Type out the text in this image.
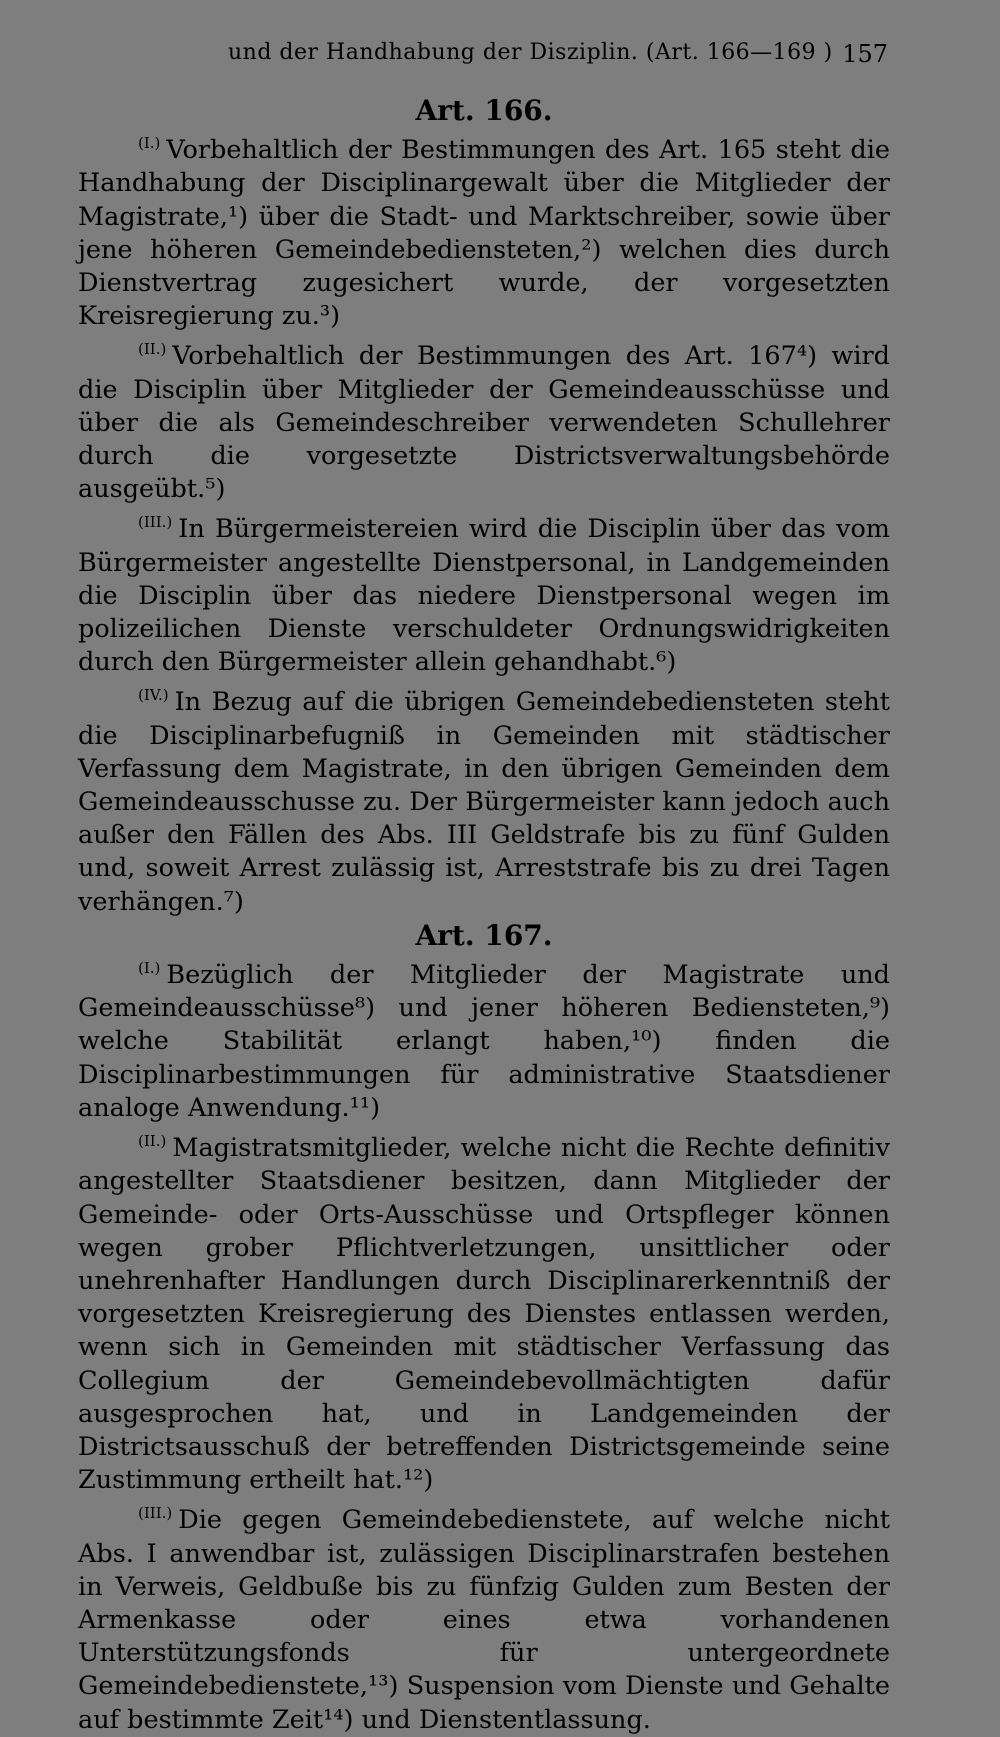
und der Handhabung der Disziplin. (Art. 166—169 ) 157
Art. 166.

$^{(I.)}$ Vorbehaltlich der Bestimmungen des Art. 165 steht die Handhabung der Disciplinargewalt über die Mitglieder der Magistrate,¹) über die Stadt- und Marktschreiber, sowie über jene höheren Gemeindebediensteten,²) welchen dies durch Dienstvertrag zugesichert wurde, der vorgesetzten Kreisregierung zu.³)

$^{(II.)}$ Vorbehaltlich der Bestimmungen des Art. 167⁴) wird die Disciplin über Mitglieder der Gemeindeausschüsse und über die als Gemeindeschreiber verwendeten Schullehrer durch die vorgesetzte Districtsverwaltungsbehörde ausgeübt.⁵)

$^{(III.)}$ In Bürgermeistereien wird die Disciplin über das vom Bürgermeister angestellte Dienstpersonal, in Landgemeinden die Disciplin über das niedere Dienstpersonal wegen im polizeilichen Dienste verschuldeter Ordnungswidrigkeiten durch den Bürgermeister allein gehandhabt.⁶)

$^{(IV.)}$ In Bezug auf die übrigen Gemeindebediensteten steht die Disciplinarbefugniß in Gemeinden mit städtischer Verfassung dem Magistrate, in den übrigen Gemeinden dem Gemeindeausschusse zu. Der Bürgermeister kann jedoch auch außer den Fällen des Abs. III Geldstrafe bis zu fünf Gulden und, soweit Arrest zulässig ist, Arreststrafe bis zu drei Tagen verhängen.⁷)

Art. 167.

$^{(I.)}$ Bezüglich der Mitglieder der Magistrate und Gemeindeausschüsse⁸) und jener höheren Bediensteten,⁹) welche Stabilität erlangt haben,¹⁰) finden die Disciplinarbestimmungen für administrative Staatsdiener analoge Anwendung.¹¹)

$^{(II.)}$ Magistratsmitglieder, welche nicht die Rechte definitiv angestellter Staatsdiener besitzen, dann Mitglieder der Gemeinde- oder Orts-Ausschüsse und Ortspfleger können wegen grober Pflichtverletzungen, unsittlicher oder unehrenhafter Handlungen durch Disciplinarerkenntniß der vorgesetzten Kreisregierung des Dienstes entlassen werden, wenn sich in Gemeinden mit städtischer Verfassung das Collegium der Gemeindebevollmächtigten dafür ausgesprochen hat, und in Landgemeinden der Districtsausschuß der betreffenden Districtsgemeinde seine Zustimmung ertheilt hat.¹²)

$^{(III.)}$ Die gegen Gemeindebedienstete, auf welche nicht Abs. I anwendbar ist, zulässigen Disciplinarstrafen bestehen in Verweis, Geldbuße bis zu fünfzig Gulden zum Besten der Armenkasse oder eines etwa vorhandenen Unterstützungsfonds für untergeordnete Gemeindebedienstete,¹³) Suspension vom Dienste und Gehalte auf bestimmte Zeit¹⁴) und Dienstentlassung.
